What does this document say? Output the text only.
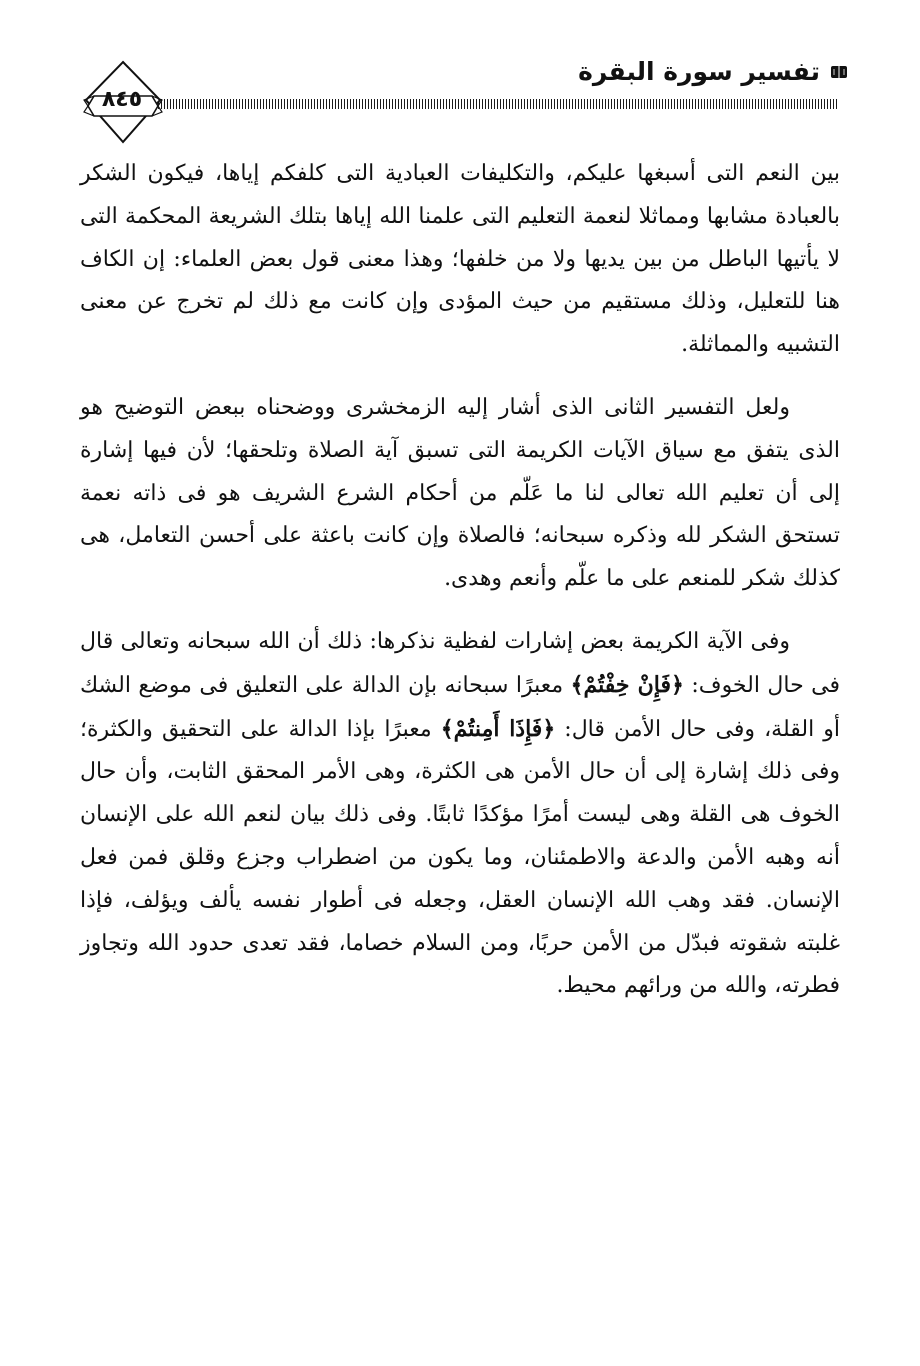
تفسير سورة البقرة
٨٤٥

بين النعم التى أسبغها عليكم، والتكليفات العبادية التى كلفكم إياها، فيكون الشكر بالعبادة مشابها ومماثلا لنعمة التعليم التى علمنا الله إياها بتلك الشريعة المحكمة التى لا يأتيها الباطل من بين يديها ولا من خلفها؛ وهذا معنى قول بعض العلماء: إن الكاف هنا للتعليل، وذلك مستقيم من حيث المؤدى وإن كانت مع ذلك لم تخرج عن معنى التشبيه والمماثلة.

ولعل التفسير الثانى الذى أشار إليه الزمخشرى ووضحناه ببعض التوضيح هو الذى يتفق مع سياق الآيات الكريمة التى تسبق آية الصلاة وتلحقها؛ لأن فيها إشارة إلى أن تعليم الله تعالى لنا ما عَلّم من أحكام الشرع الشريف هو فى ذاته نعمة تستحق الشكر لله وذكره سبحانه؛ فالصلاة وإن كانت باعثة على أحسن التعامل، هى كذلك شكر للمنعم على ما علّم وأنعم وهدى.

وفى الآية الكريمة بعض إشارات لفظية نذكرها: ذلك أن الله سبحانه وتعالى قال فى حال الخوف: ﴿فَإِنْ خِفْتُمْ﴾ معبرًا سبحانه بإن الدالة على التعليق فى موضع الشك أو القلة، وفى حال الأمن قال: ﴿فَإِذَا أَمِنتُمْ﴾ معبرًا بإذا الدالة على التحقيق والكثرة؛ وفى ذلك إشارة إلى أن حال الأمن هى الكثرة، وهى الأمر المحقق الثابت، وأن حال الخوف هى القلة وهى ليست أمرًا مؤكدًا ثابتًا. وفى ذلك بيان لنعم الله على الإنسان أنه وهبه الأمن والدعة والاطمئنان، وما يكون من اضطراب وجزع وقلق فمن فعل الإنسان. فقد وهب الله الإنسان العقل، وجعله فى أطوار نفسه يألف ويؤلف، فإذا غلبته شقوته فبدّل من الأمن حربًا، ومن السلام خصاما، فقد تعدى حدود الله وتجاوز فطرته، والله من ورائهم محيط.
